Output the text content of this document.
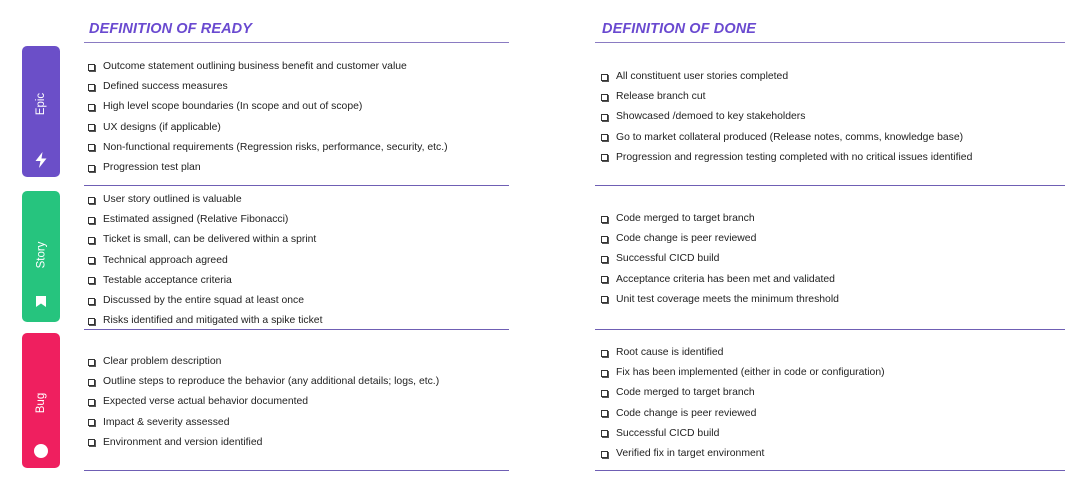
DEFINITION OF READY	DEFINITION OF DONE
Epic
Story
Bug
Outcome statement outlining business benefit and customer value
Defined success measures
High level scope boundaries (In scope and out of scope)
UX designs (if applicable)
Non-functional requirements (Regression risks, performance, security, etc.)
Progression test plan
All constituent user stories completed
Release branch cut
Showcased /demoed to key stakeholders
Go to market collateral produced (Release notes, comms, knowledge base)
Progression and regression testing completed with no critical issues identified
User story outlined is valuable
Estimated assigned (Relative Fibonacci)
Ticket is small, can be delivered within a sprint
Technical approach agreed
Testable acceptance criteria
Discussed by the entire squad at least once
Risks identified and mitigated with a spike ticket
Code merged to target branch
Code change is peer reviewed
Successful CICD build
Acceptance criteria has been met and validated
Unit test coverage meets the minimum threshold
Clear problem description
Outline steps to reproduce the behavior (any additional details; logs, etc.)
Expected verse actual behavior documented
Impact & severity assessed
Environment and version identified
Root cause is identified
Fix has been implemented (either in code or configuration)
Code merged to target branch
Code change is peer reviewed
Successful CICD build
Verified fix in target environment
